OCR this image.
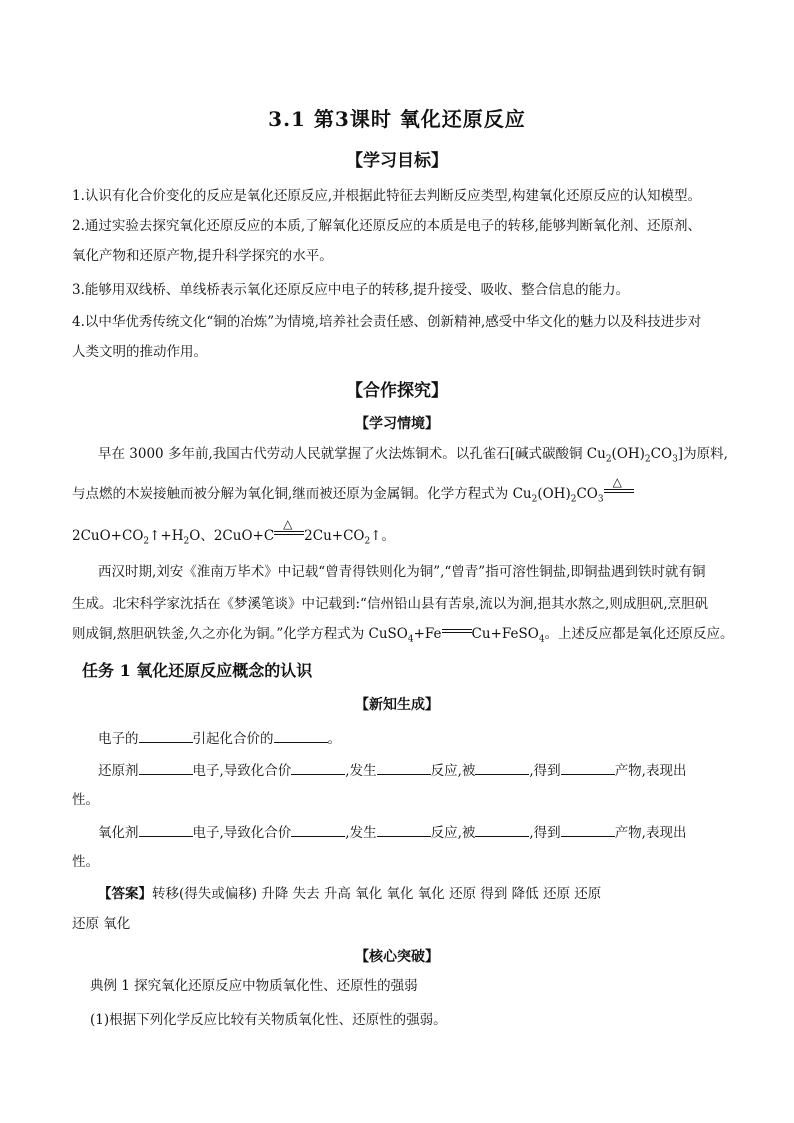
3.1 第3课时 氧化还原反应
【学习目标】
1.认识有化合价变化的反应是氧化还原反应,并根据此特征去判断反应类型,构建氧化还原反应的认知模型。
2.通过实验去探究氧化还原反应的本质,了解氧化还原反应的本质是电子的转移,能够判断氧化剂、还原剂、
氧化产物和还原产物,提升科学探究的水平。
3.能够用双线桥、单线桥表示氧化还原反应中电子的转移,提升接受、吸收、整合信息的能力。
4.以中华优秀传统文化“铜的冶炼”为情境,培养社会责任感、创新精神,感受中华文化的魅力以及科技进步对
人类文明的推动作用。
【合作探究】
【学习情境】
早在 3000 多年前,我国古代劳动人民就掌握了火法炼铜术。以孔雀石[碱式碳酸铜 $Cu_2(OH)_2CO_3$]为原料,
与点燃的木炭接触而被分解为氧化铜,继而被还原为金属铜。化学方程式为 $Cu_2(OH)_2CO_3$
△
$2CuO+CO_2↑+H_2O$、2CuO+C
△
$2Cu+CO_2↑$。
西汉时期,刘安《淮南万毕术》中记载“曾青得铁则化为铜”,“曾青”指可溶性铜盐,即铜盐遇到铁时就有铜
生成。北宋科学家沈括在《梦溪笔谈》中记载到:“信州铅山县有苦泉,流以为涧,挹其水熬之,则成胆矾,烹胆矾
则成铜,熬胆矾铁釜,久之亦化为铜。”化学方程式为 CuSO$_4$+Fe Cu+FeSO$_4$。上述反应都是氧化还原反应。
任务 1 氧化还原反应概念的认识
【新知生成】
电子的	引起化合价的	。
还原剂	电子,导致化合价	,发生	反应,被	,得到	产物,表现出
性。
氧化剂	电子,导致化合价	,发生	反应,被	,得到	产物,表现出
性。
【答案】转移(得失或偏移) 升降 失去 升高 氧化 氧化 氧化 还原 得到 降低 还原 还原
还原 氧化
【核心突破】
典例 1 探究氧化还原反应中物质氧化性、还原性的强弱
(1)根据下列化学反应比较有关物质氧化性、还原性的强弱。
